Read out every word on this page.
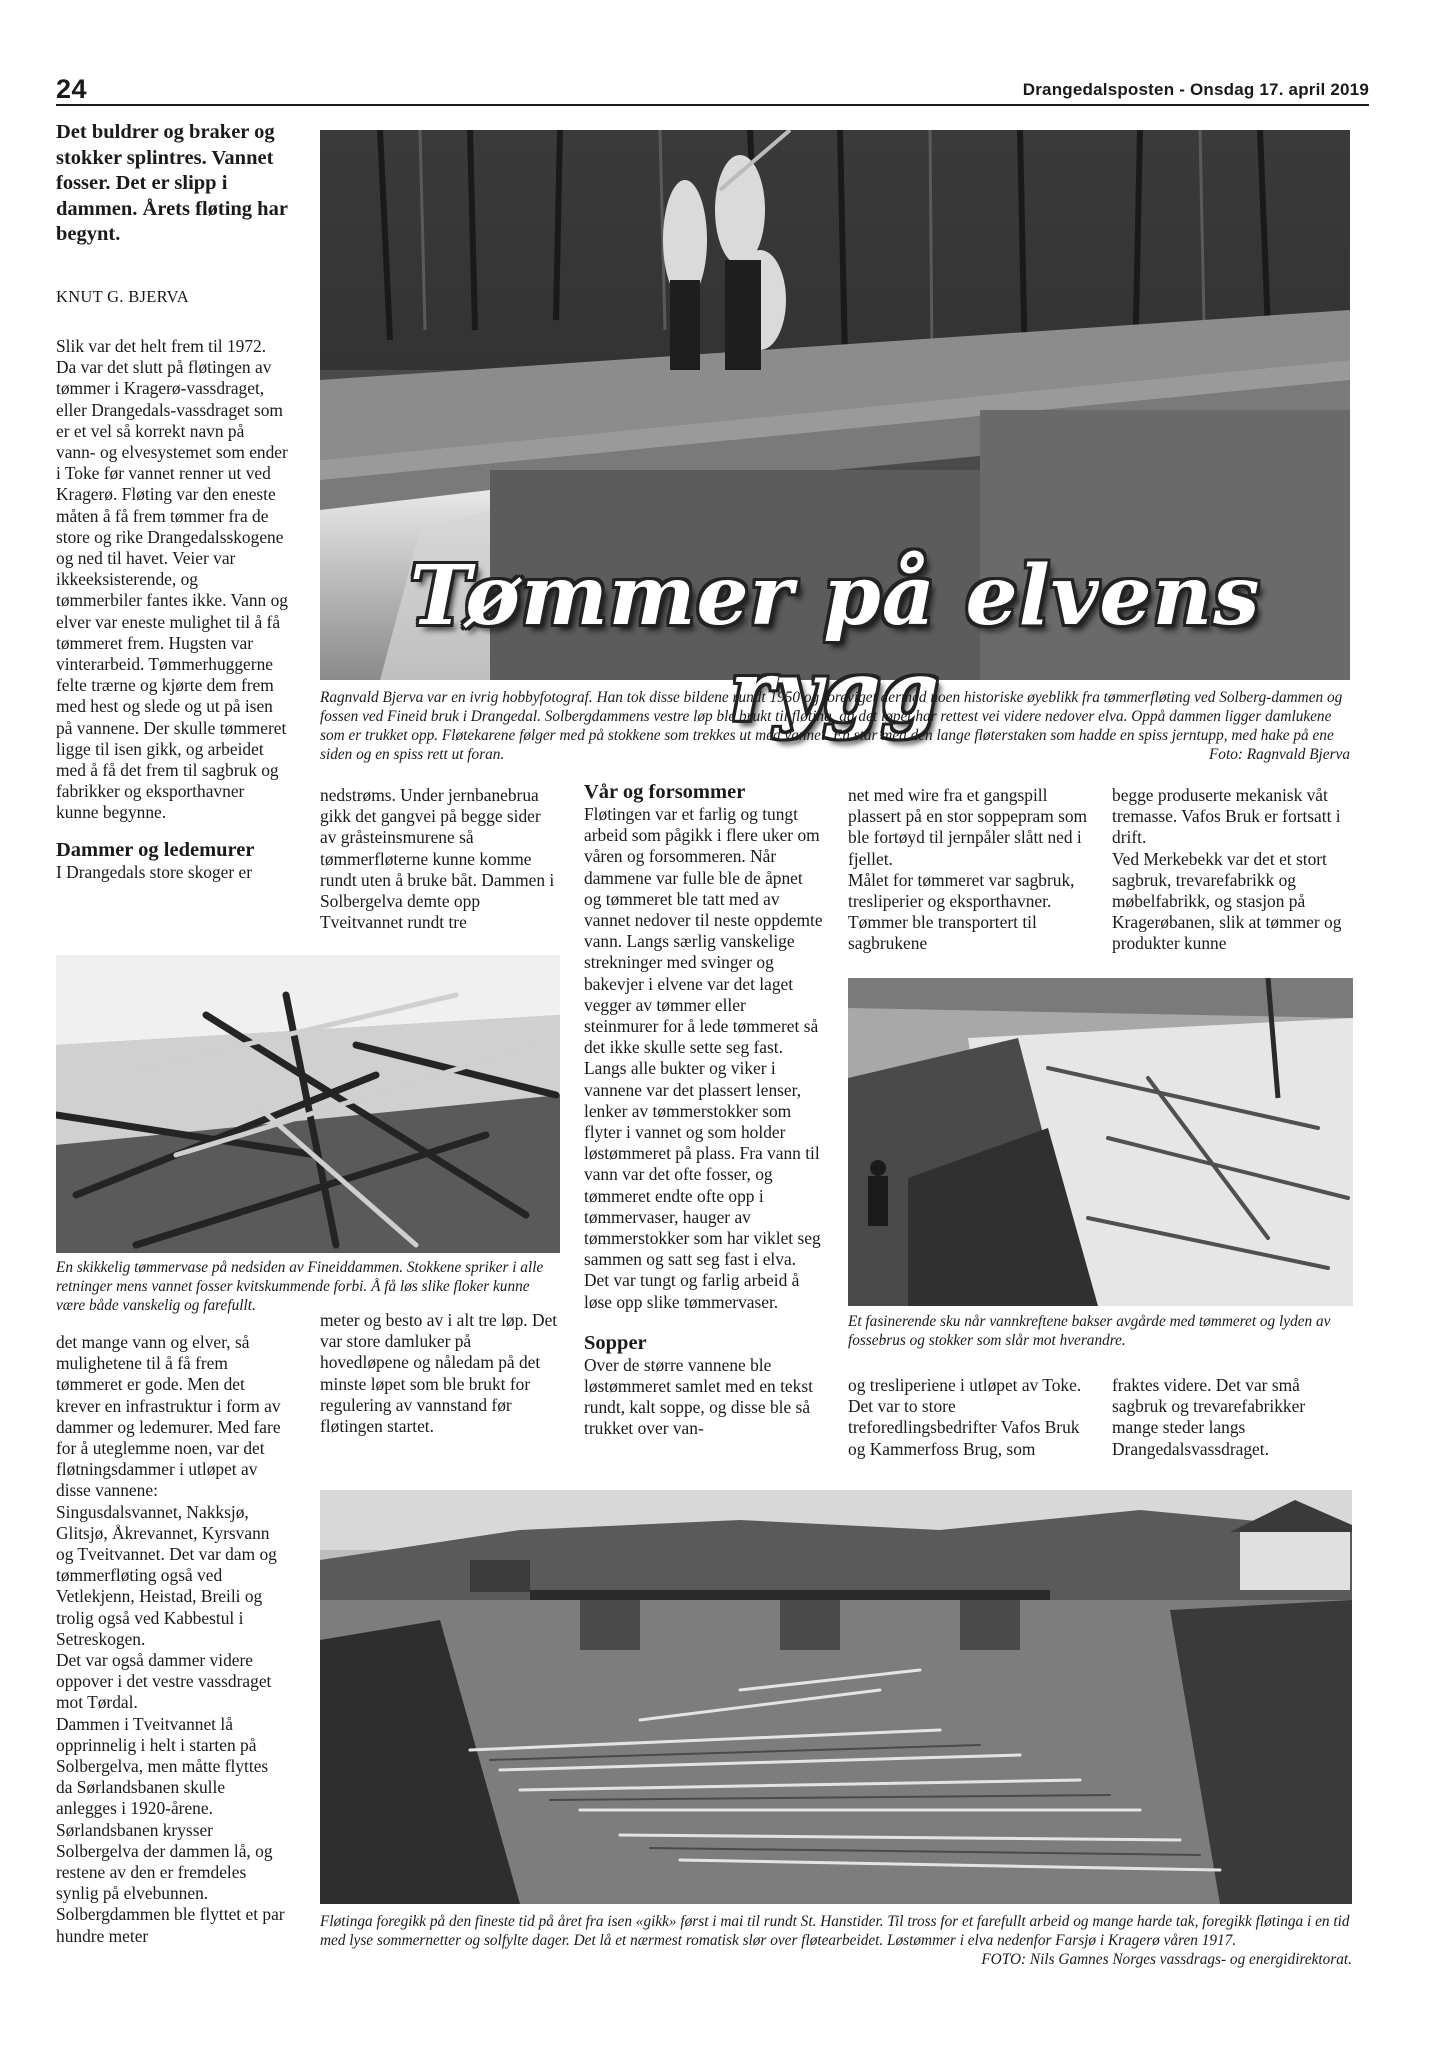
24	Drangedalsposten - Onsdag 17. april 2019
Det buldrer og braker og stokker splintres. Vannet fosser. Det er slipp i dammen. Årets fløting har begynt.
KNUT G. BJERVA

Slik var det helt frem til 1972. Da var det slutt på fløtingen av tømmer i Kragerø-vassdraget, eller Drangedals-vassdraget som er et vel så korrekt navn på vann- og elvesystemet som ender i Toke før vannet renner ut ved Kragerø. Fløting var den eneste måten å få frem tømmer fra de store og rike Drangedalsskogene og ned til havet. Veier var ikkeeksisterende, og tømmerbiler fantes ikke. Vann og elver var eneste mulighet til å få tømmeret frem. Hugsten var vinterarbeid. Tømmerhuggerne felte trærne og kjørte dem frem med hest og slede og ut på isen på vannene. Der skulle tømmeret ligge til isen gikk, og arbeidet med å få det frem til sagbruk og fabrikker og eksporthavner kunne begynne.

Dammer og ledemurer

I Drangedals store skoger er

Tømmer på elvens rygg
Ragnvald Bjerva var en ivrig hobbyfotograf. Han tok disse bildene rundt 1950 og foreviget dermed noen historiske øyeblikk fra tømmerfløting ved Solberg-dammen og fossen ved Fineid bruk i Drangedal. Solbergdammens vestre løp ble brukt til fløting, da det løpet har rettest vei videre nedover elva. Oppå dammen ligger damlukene som er trukket opp. Fløtekarene følger med på stokkene som trekkes ut med vannet. En står med den lange fløterstaken som hadde en spiss jerntupp, med hake på ene siden og en spiss rett ut foran.	Foto: Ragnvald Bjerva

nedstrøms. Under jernbanebrua gikk det gangvei på begge sider av gråsteinsmurene så tømmerfløterne kunne komme rundt uten å bruke båt. Dammen i Solbergelva demte opp Tveitvannet rundt tre

Vår og forsommer

Fløtingen var et farlig og tungt arbeid som pågikk i flere uker om våren og forsommeren. Når dammene var fulle ble de åpnet og tømmeret ble tatt med av vannet nedover til neste oppdemte vann. Langs særlig vanskelige strekninger med svinger og bakevjer i elvene var det laget vegger av tømmer eller steinmurer for å lede tømmeret så det ikke skulle sette seg fast. Langs alle bukter og viker i vannene var det plassert lenser, lenker av tømmerstokker som flyter i vannet og som holder løstømmeret på plass. Fra vann til vann var det ofte fosser, og tømmeret endte ofte opp i tømmervaser, hauger av tømmerstokker som har viklet seg sammen og satt seg fast i elva. Det var tungt og farlig arbeid å løse opp slike tømmervaser.

Sopper

Over de større vannene ble løstømmeret samlet med en tekst rundt, kalt soppe, og disse ble så trukket over van-

net med wire fra et gangspill plassert på en stor soppepram som ble fortøyd til jernpåler slått ned i fjellet.

Målet for tømmeret var sagbruk, tresliperier og eksporthavner. Tømmer ble transportert til sagbrukene

begge produserte mekanisk våt tremasse. Vafos Bruk er fortsatt i drift.

Ved Merkebekk var det et stort sagbruk, trevarefabrikk og møbelfabrikk, og stasjon på Kragerøbanen, slik at tømmer og produkter kunne

En skikkelig tømmervase på nedsiden av Fineiddammen. Stokkene spriker i alle retninger mens vannet fosser kvitskummende forbi. Å få løs slike floker kunne være både vanskelig og farefullt.
Et fasinerende sku når vannkreftene bakser avgårde med tømmeret og lyden av fossebrus og stokker som slår mot hverandre.

det mange vann og elver, så mulighetene til å få frem tømmeret er gode. Men det krever en infrastruktur i form av dammer og ledemurer. Med fare for å uteglemme noen, var det fløtningsdammer i utløpet av disse vannene: Singusdalsvannet, Nakksjø, Glitsjø, Åkrevannet, Kyrsvann og Tveitvannet. Det var dam og tømmerfløting også ved Vetlekjenn, Heistad, Breili og trolig også ved Kabbestul i Setreskogen.

Det var også dammer videre oppover i det vestre vassdraget mot Tørdal.

Dammen i Tveitvannet lå opprinnelig i helt i starten på Solbergelva, men måtte flyttes da Sørlandsbanen skulle anlegges i 1920-årene. Sørlandsbanen krysser Solbergelva der dammen lå, og restene av den er fremdeles synlig på elvebunnen. Solbergdammen ble flyttet et par hundre meter

meter og besto av i alt tre løp. Det var store damluker på hovedløpene og nåledam på det minste løpet som ble brukt for regulering av vannstand før fløtingen startet.

og tresliperiene i utløpet av Toke. Det var to store treforedlingsbedrifter Vafos Bruk og Kammerfoss Brug, som

fraktes videre. Det var små sagbruk og trevarefabrikker mange steder langs Drangedalsvassdraget.

Fløtinga foregikk på den fineste tid på året fra isen «gikk» først i mai til rundt St. Hanstider. Til tross for et farefullt arbeid og mange harde tak, foregikk fløtinga i en tid med lyse sommernetter og solfylte dager. Det lå et nærmest romatisk slør over fløtearbeidet. Løstømmer i elva nedenfor Farsjø i Kragerø våren 1917.
FOTO: Nils Gamnes Norges vassdrags- og energidirektorat.
